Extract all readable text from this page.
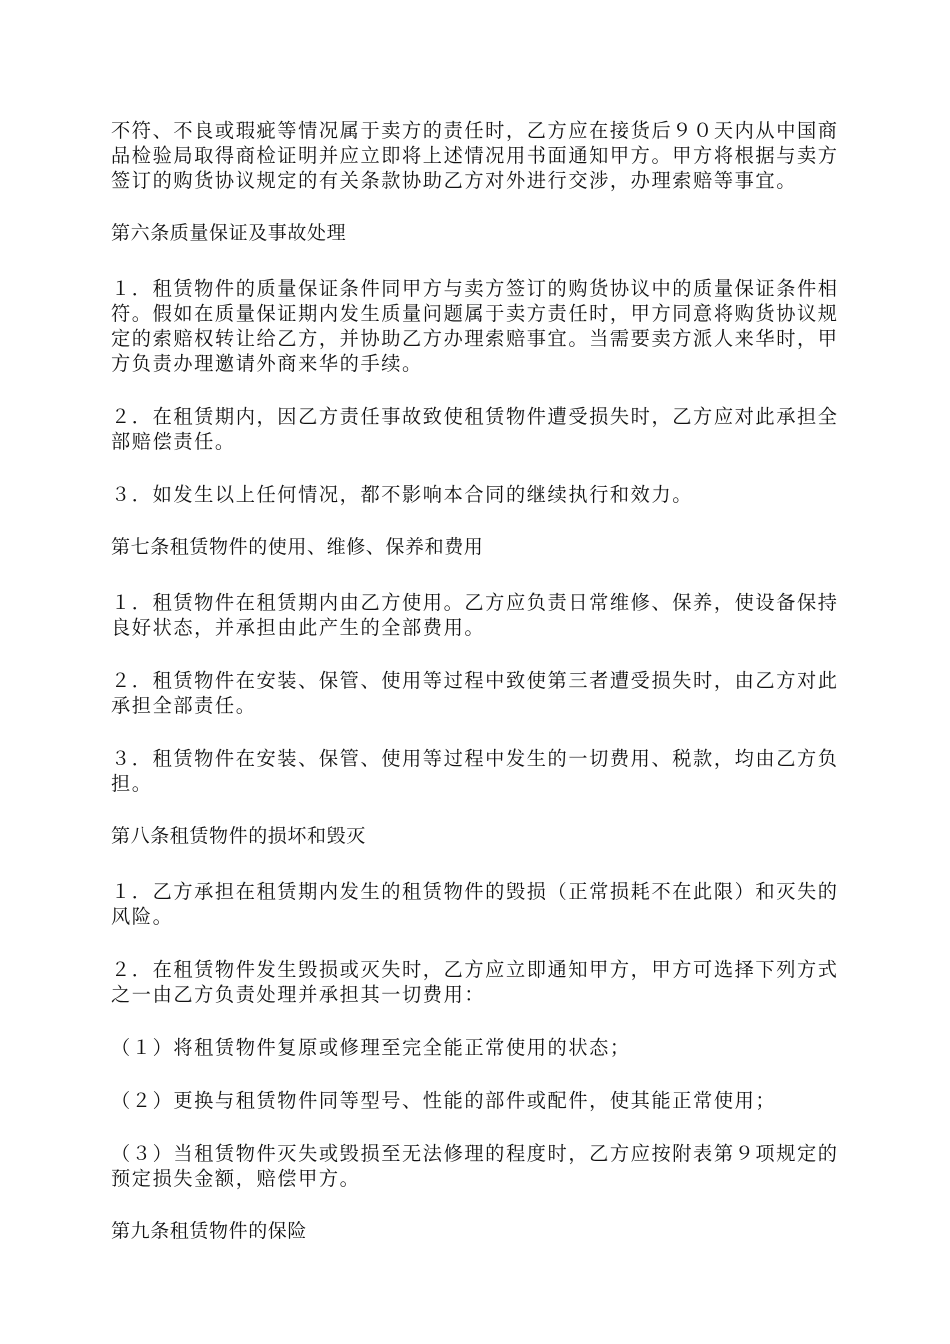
不符、不良或瑕疵等情况属于卖方的责任时，乙方应在接货后９０天内从中国商品检验局取得商检证明并应立即将上述情况用书面通知甲方。甲方将根据与卖方签订的购货协议规定的有关条款协助乙方对外进行交涉，办理索赔等事宜。

第六条质量保证及事故处理

１．租赁物件的质量保证条件同甲方与卖方签订的购货协议中的质量保证条件相符。假如在质量保证期内发生质量问题属于卖方责任时，甲方同意将购货协议规定的索赔权转让给乙方，并协助乙方办理索赔事宜。当需要卖方派人来华时，甲方负责办理邀请外商来华的手续。

２．在租赁期内，因乙方责任事故致使租赁物件遭受损失时，乙方应对此承担全部赔偿责任。

３．如发生以上任何情况，都不影响本合同的继续执行和效力。

第七条租赁物件的使用、维修、保养和费用

１．租赁物件在租赁期内由乙方使用。乙方应负责日常维修、保养，使设备保持良好状态，并承担由此产生的全部费用。

２．租赁物件在安装、保管、使用等过程中致使第三者遭受损失时，由乙方对此承担全部责任。

３．租赁物件在安装、保管、使用等过程中发生的一切费用、税款，均由乙方负担。

第八条租赁物件的损坏和毁灭

１．乙方承担在租赁期内发生的租赁物件的毁损（正常损耗不在此限）和灭失的风险。

２．在租赁物件发生毁损或灭失时，乙方应立即通知甲方，甲方可选择下列方式之一由乙方负责处理并承担其一切费用：

（１）将租赁物件复原或修理至完全能正常使用的状态；

（２）更换与租赁物件同等型号、性能的部件或配件，使其能正常使用；

（３）当租赁物件灭失或毁损至无法修理的程度时，乙方应按附表第９项规定的预定损失金额，赔偿甲方。

第九条租赁物件的保险
